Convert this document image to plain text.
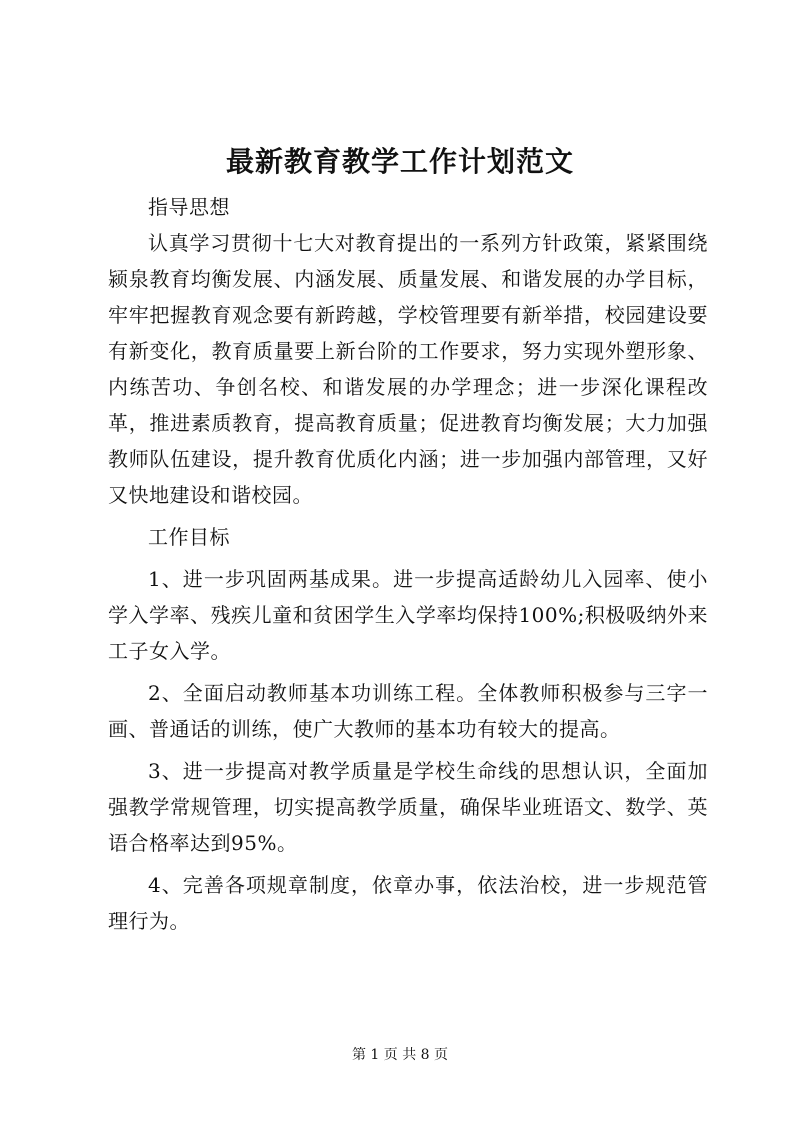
最新教育教学工作计划范文

指导思想

认真学习贯彻十七大对教育提出的一系列方针政策，紧紧围绕颍泉教育均衡发展、内涵发展、质量发展、和谐发展的办学目标，牢牢把握教育观念要有新跨越，学校管理要有新举措，校园建设要有新变化，教育质量要上新台阶的工作要求，努力实现外塑形象、内练苦功、争创名校、和谐发展的办学理念；进一步深化课程改革，推进素质教育，提高教育质量；促进教育均衡发展；大力加强教师队伍建设，提升教育优质化内涵；进一步加强内部管理，又好又快地建设和谐校园。

工作目标

1、进一步巩固两基成果。进一步提高适龄幼儿入园率、使小学入学率、残疾儿童和贫困学生入学率均保持100%;积极吸纳外来工子女入学。

2、全面启动教师基本功训练工程。全体教师积极参与三字一画、普通话的训练，使广大教师的基本功有较大的提高。

3、进一步提高对教学质量是学校生命线的思想认识，全面加强教学常规管理，切实提高教学质量，确保毕业班语文、数学、英语合格率达到95%。

4、完善各项规章制度，依章办事，依法治校，进一步规范管理行为。

第 1 页 共 8 页
